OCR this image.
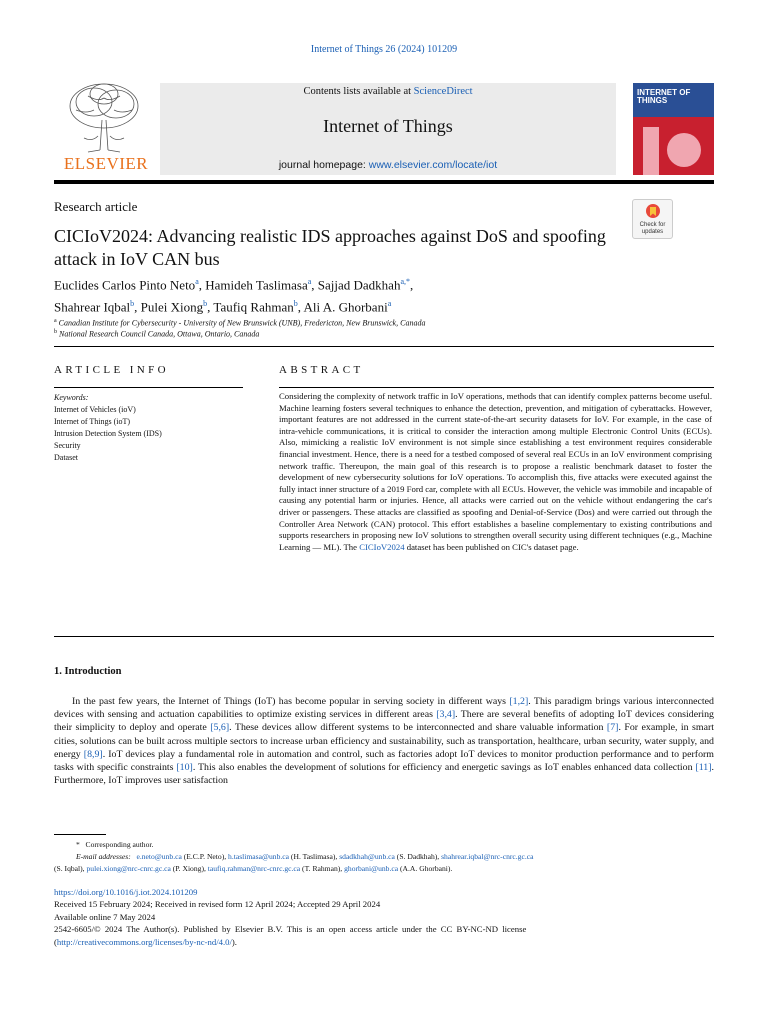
Internet of Things 26 (2024) 101209
ELSEVIER
Contents lists available at ScienceDirect
Internet of Things
journal homepage: www.elsevier.com/locate/iot
INTERNET OF THINGS
Research article
Check for updates
CICIoV2024: Advancing realistic IDS approaches against DoS and spoofing attack in IoV CAN bus
Euclides Carlos Pinto Neto$^a$, Hamideh Taslimasa$^a$, Sajjad Dadkhah$^{a,*}$,
Shahrear Iqbal$^b$, Pulei Xiong$^b$, Taufiq Rahman$^b$, Ali A. Ghorbani$^a$
$^a$ Canadian Institute for Cybersecurity - University of New Brunswick (UNB), Fredericton, New Brunswick, Canada
$^b$ National Research Council Canada, Ottawa, Ontario, Canada
ARTICLE INFO	ABSTRACT
Keywords:
Internet of Vehicles (ioV)
Internet of Things (ioT)
Intrusion Detection System (IDS)
Security
Dataset
Considering the complexity of network traffic in IoV operations, methods that can identify complex patterns become useful. Machine learning fosters several techniques to enhance the detection, prevention, and mitigation of cyberattacks. However, important features are not addressed in the current state-of-the-art security datasets for IoV. For example, in the case of intra-vehicle communications, it is critical to consider the interaction among multiple Electronic Control Units (ECUs). Also, mimicking a realistic IoV environment is not simple since establishing a test environment requires considerable financial investment. Hence, there is a need for a testbed composed of several real ECUs in an IoV environment comprising network traffic. Thereupon, the main goal of this research is to propose a realistic benchmark dataset to foster the development of new cybersecurity solutions for IoV operations. To accomplish this, five attacks were executed against the fully intact inner structure of a 2019 Ford car, complete with all ECUs. However, the vehicle was immobile and incapable of causing any potential harm or injuries. Hence, all attacks were carried out on the vehicle without endangering the car's driver or passengers. These attacks are classified as spoofing and Denial-of-Service (Dos) and were carried out through the Controller Area Network (CAN) protocol. This effort establishes a baseline complementary to existing contributions and supports researchers in proposing new IoV solutions to strengthen overall security using different techniques (e.g., Machine Learning — ML). The CICIoV2024 dataset has been published on CIC's dataset page.
1. Introduction
In the past few years, the Internet of Things (IoT) has become popular in serving society in different ways [1,2]. This paradigm brings various interconnected devices with sensing and actuation capabilities to optimize existing services in different areas [3,4]. There are several benefits of adopting IoT devices considering their simplicity to deploy and operate [5,6]. These devices allow different systems to be interconnected and share valuable information [7]. For example, in smart cities, solutions can be built across multiple sectors to increase urban efficiency and sustainability, such as transportation, healthcare, urban security, water supply, and energy [8,9]. IoT devices play a fundamental role in automation and control, such as factories adopt IoT devices to monitor production performance and to perform tasks with specific constraints [10]. This also enables the development of solutions for efficiency and energetic savings as IoT enables enhanced data collection [11]. Furthermore, IoT improves user satisfaction
* Corresponding author.
E-mail addresses: e.neto@unb.ca (E.C.P. Neto), h.taslimasa@unb.ca (H. Taslimasa), sdadkhah@unb.ca (S. Dadkhah), shahrear.iqbal@nrc-cnrc.gc.ca
(S. Iqbal), pulei.xiong@nrc-cnrc.gc.ca (P. Xiong), taufiq.rahman@nrc-cnrc.gc.ca (T. Rahman), ghorbani@unb.ca (A.A. Ghorbani).
https://doi.org/10.1016/j.iot.2024.101209
Received 15 February 2024; Received in revised form 12 April 2024; Accepted 29 April 2024
Available online 7 May 2024
2542-6605/© 2024 The Author(s). Published by Elsevier B.V. This is an open access article under the CC BY-NC-ND license
(http://creativecommons.org/licenses/by-nc-nd/4.0/).
